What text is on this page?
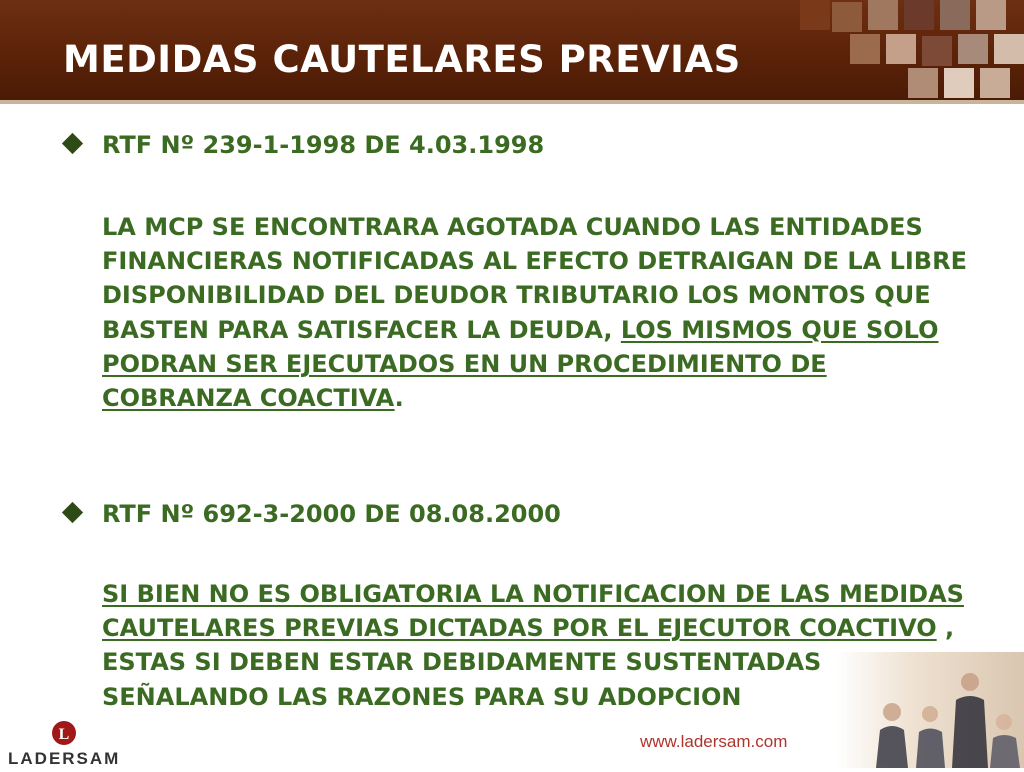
MEDIDAS CAUTELARES PREVIAS
RTF Nº 239-1-1998 DE 4.03.1998
LA MCP SE ENCONTRARA AGOTADA CUANDO LAS ENTIDADES FINANCIERAS NOTIFICADAS AL EFECTO DETRAIGAN DE LA LIBRE DISPONIBILIDAD DEL DEUDOR TRIBUTARIO LOS MONTOS QUE BASTEN PARA SATISFACER LA DEUDA, LOS MISMOS QUE SOLO PODRAN SER EJECUTADOS EN UN PROCEDIMIENTO DE COBRANZA COACTIVA.
RTF Nº 692-3-2000 DE 08.08.2000
SI BIEN NO ES OBLIGATORIA LA NOTIFICACION DE LAS MEDIDAS CAUTELARES PREVIAS DICTADAS POR EL EJECUTOR COACTIVO , ESTAS SI DEBEN ESTAR DEBIDAMENTE SUSTENTADAS SEÑALANDO LAS RAZONES PARA SU ADOPCION
www.ladersam.com
L
LADERSAM
